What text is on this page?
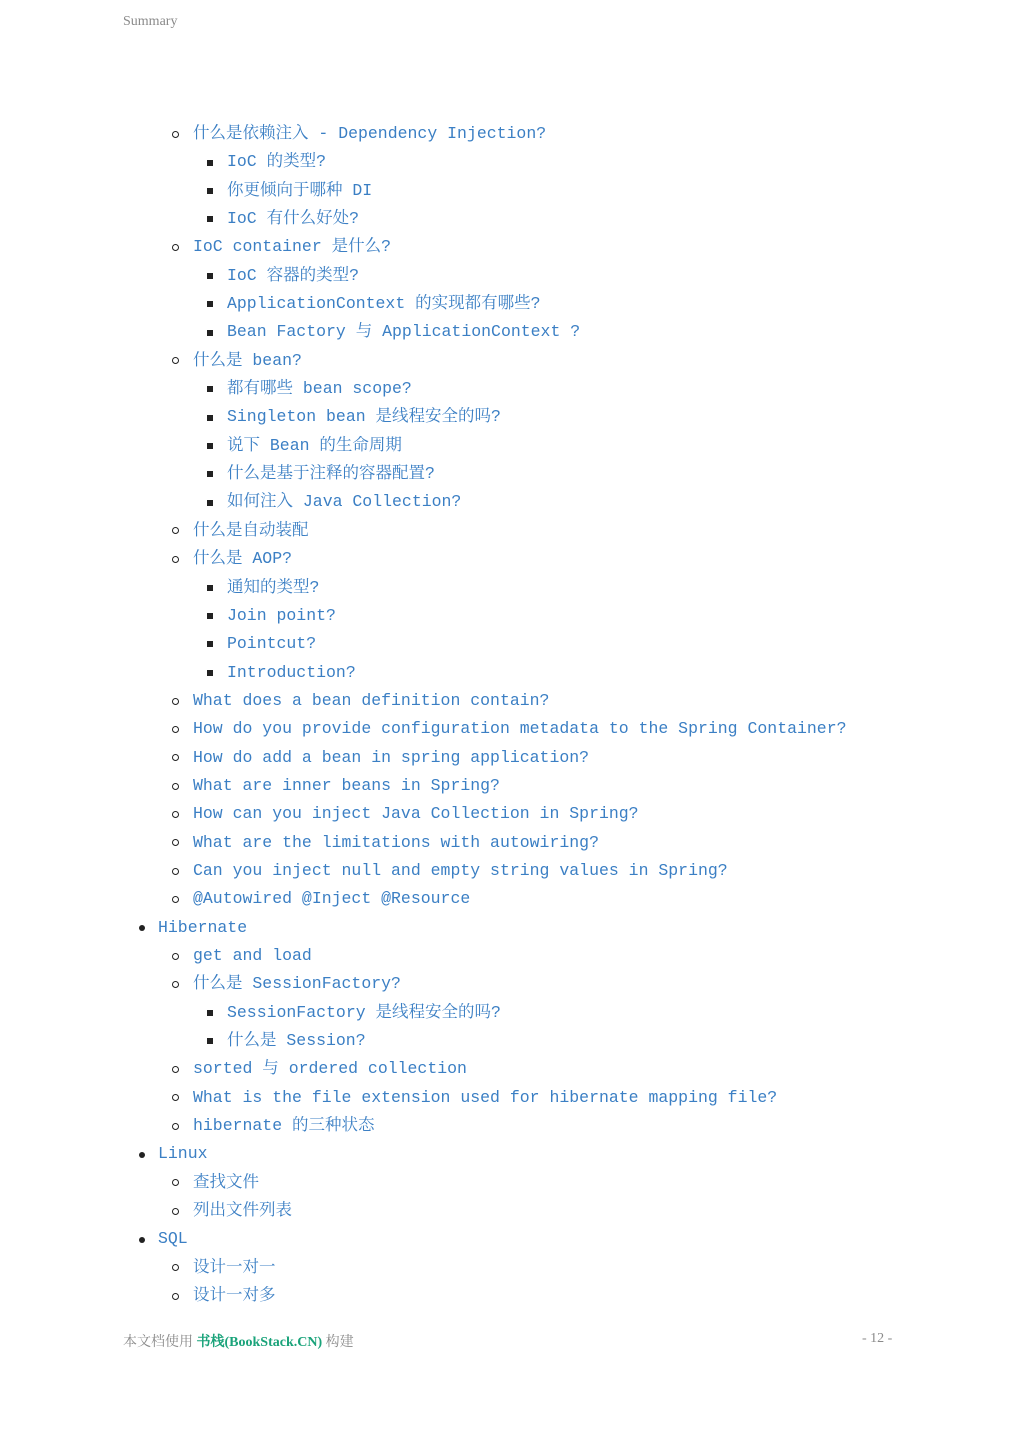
Summary
什么是依赖注入 - Dependency Injection?
IoC 的类型?
你更倾向于哪种 DI
IoC 有什么好处?
IoC container 是什么?
IoC 容器的类型?
ApplicationContext 的实现都有哪些?
Bean Factory 与 ApplicationContext ?
什么是 bean?
都有哪些 bean scope?
Singleton bean 是线程安全的吗?
说下 Bean 的生命周期
什么是基于注释的容器配置?
如何注入 Java Collection?
什么是自动装配
什么是 AOP?
通知的类型?
Join point?
Pointcut?
Introduction?
What does a bean definition contain?
How do you provide configuration metadata to the Spring Container?
How do add a bean in spring application?
What are inner beans in Spring?
How can you inject Java Collection in Spring?
What are the limitations with autowiring?
Can you inject null and empty string values in Spring?
@Autowired @Inject @Resource
Hibernate
get and load
什么是 SessionFactory?
SessionFactory 是线程安全的吗?
什么是 Session?
sorted 与 ordered collection
What is the file extension used for hibernate mapping file?
hibernate 的三种状态
Linux
查找文件
列出文件列表
SQL
设计一对一
设计一对多
本文档使用 书栈(BookStack.CN) 构建	- 12 -
